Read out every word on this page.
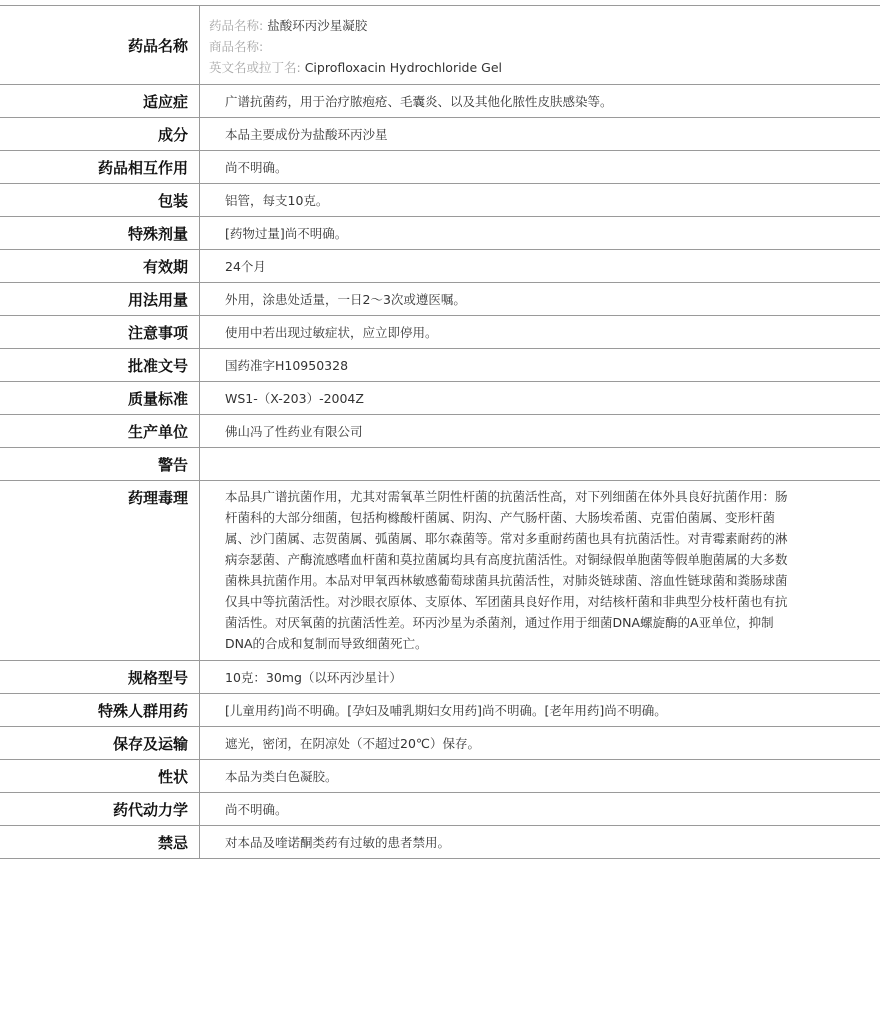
药品名称
药品名称: 盐酸环丙沙星凝胶
商品名称:
英文名或拉丁名: Ciprofloxacin Hydrochloride Gel
适应症	广谱抗菌药，用于治疗脓疱疮、毛囊炎、以及其他化脓性皮肤感染等。
成分	本品主要成份为盐酸环丙沙星
药品相互作用	尚不明确。
包装	铝管，每支10克。
特殊剂量	[药物过量]尚不明确。
有效期	24个月
用法用量	外用，涂患处适量，一日2～3次或遵医嘱。
注意事项	使用中若出现过敏症状，应立即停用。
批准文号	国药准字H10950328
质量标准	WS1-（X-203）-2004Z
生产单位	佛山冯了性药业有限公司
警告
药理毒理	本品具广谱抗菌作用，尤其对需氧革兰阴性杆菌的抗菌活性高，对下列细菌在体外具良好抗菌作用：肠杆菌科的大部分细菌，包括枸橼酸杆菌属、阴沟、产气肠杆菌、大肠埃希菌、克雷伯菌属、变形杆菌属、沙门菌属、志贺菌属、弧菌属、耶尔森菌等。常对多重耐药菌也具有抗菌活性。对青霉素耐药的淋病奈瑟菌、产酶流感嗜血杆菌和莫拉菌属均具有高度抗菌活性。对铜绿假单胞菌等假单胞菌属的大多数菌株具抗菌作用。本品对甲氧西林敏感葡萄球菌具抗菌活性，对肺炎链球菌、溶血性链球菌和粪肠球菌仅具中等抗菌活性。对沙眼衣原体、支原体、军团菌具良好作用，对结核杆菌和非典型分枝杆菌也有抗菌活性。对厌氧菌的抗菌活性差。环丙沙星为杀菌剂，通过作用于细菌DNA螺旋酶的A亚单位，抑制DNA的合成和复制而导致细菌死亡。
规格型号	10克：30mg（以环丙沙星计）
特殊人群用药	[儿童用药]尚不明确。[孕妇及哺乳期妇女用药]尚不明确。[老年用药]尚不明确。
保存及运输	遮光，密闭，在阴凉处（不超过20℃）保存。
性状	本品为类白色凝胶。
药代动力学	尚不明确。
禁忌	对本品及喹诺酮类药有过敏的患者禁用。
